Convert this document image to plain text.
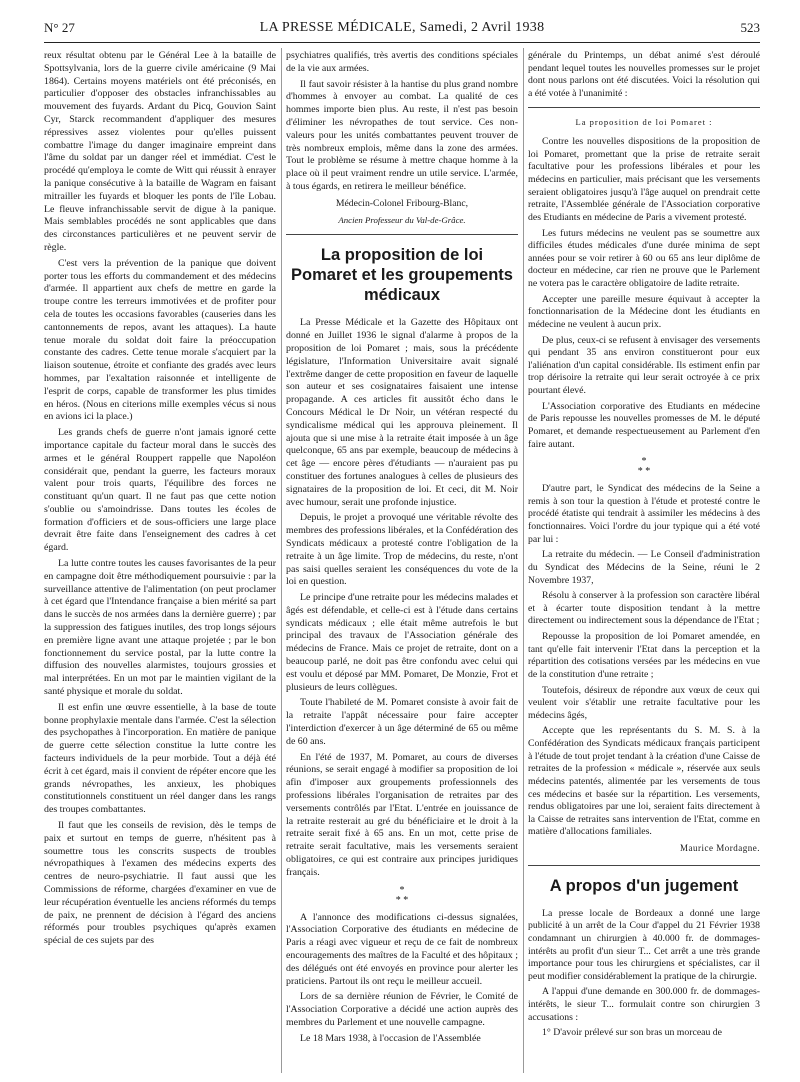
N° 27	LA PRESSE MÉDICALE, Samedi, 2 Avril 1938	523

reux résultat obtenu par le Général Lee à la bataille de Spottsylvania, lors de la guerre civile américaine (9 Mai 1864). Certains moyens matériels ont été préconisés, en particulier d'opposer des obstacles infranchissables au mouvement des fuyards. Ardant du Picq, Gouvion Saint Cyr, Starck recommandent d'appliquer des mesures répressives assez violentes pour qu'elles puissent combattre l'image du danger imaginaire empreint dans l'âme du soldat par un danger réel et immédiat. C'est le procédé qu'employa le comte de Witt qui réussit à enrayer la panique consécutive à la bataille de Wagram en faisant mitrailler les fuyards et bloquer les ponts de l'île Lobau. Le fleuve infranchissable servit de digue à la panique. Mais semblables procédés ne sont applicables que dans des circonstances particulières et ne peuvent servir de règle.

C'est vers la prévention de la panique que doivent porter tous les efforts du commandement et des médecins d'armée. Il appartient aux chefs de mettre en garde la troupe contre les terreurs immotivées et de profiter pour cela de toutes les occasions favorables (causeries dans les cantonnements de repos, avant les attaques). La haute tenue morale du soldat doit faire la préoccupation constante des cadres. Cette tenue morale s'acquiert par la liaison soutenue, étroite et confiante des gradés avec leurs hommes, par l'exaltation raisonnée et intelligente de l'esprit de corps, capable de transformer les plus timides en héros. (Nous en citerions mille exemples vécus si nous en avions ici la place.)

Les grands chefs de guerre n'ont jamais ignoré cette importance capitale du facteur moral dans le succès des armes et le général Rouppert rappelle que Napoléon considérait que, pendant la guerre, les facteurs moraux valent pour trois quarts, l'équilibre des forces ne constituant qu'un quart. Il ne faut pas que cette notion s'oublie ou s'amoindrisse. Dans toutes les écoles de formation d'officiers et de sous-officiers une large place devrait être faite dans l'enseignement des cadres à cet égard.

La lutte contre toutes les causes favorisantes de la peur en campagne doit être méthodiquement poursuivie : par la surveillance attentive de l'alimentation (on peut proclamer à cet égard que l'Intendance française a bien mérité sa part dans le succès de nos armées dans la dernière guerre) ; par la suppression des fatigues inutiles, des trop longs séjours en première ligne avant une attaque projetée ; par le bon fonctionnement du service postal, par la lutte contre la diffusion des nouvelles alarmistes, toujours grossies et mal interprétées. En un mot par le maintien vigilant de la santé physique et morale du soldat.

Il est enfin une œuvre essentielle, à la base de toute bonne prophylaxie mentale dans l'armée. C'est la sélection des psychopathes à l'incorporation. En matière de panique de guerre cette sélection constitue la lutte contre les facteurs individuels de la peur morbide. Tout a déjà été écrit à cet égard, mais il convient de répéter encore que les grands névropathes, les anxieux, les phobiques constitutionnels constituent un réel danger dans les rangs des troupes combattantes.

Il faut que les conseils de revision, dès le temps de paix et surtout en temps de guerre, n'hésitent pas à soumettre tous les conscrits suspects de troubles névropathiques à l'examen des médecins experts des centres de neuro-psychiatrie. Il faut aussi que les Commissions de réforme, chargées d'examiner en vue de leur récupération éventuelle les anciens réformés du temps de paix, ne prennent de décision à l'égard des anciens réformés pour troubles psychiques qu'après examen spécial de ces sujets par des

psychiatres qualifiés, très avertis des conditions spéciales de la vie aux armées.

Il faut savoir résister à la hantise du plus grand nombre d'hommes à envoyer au combat. La qualité de ces hommes importe bien plus. Au reste, il n'est pas besoin d'éliminer les névropathes de tout service. Ces non-valeurs pour les unités combattantes peuvent trouver de très nombreux emplois, même dans la zone des armées. Tout le problème se résume à mettre chaque homme à la place où il peut vraiment rendre un utile service. L'armée, à tous égards, en retirera le meilleur bénéfice.

Médecin-Colonel Fribourg-Blanc,

Ancien Professeur du Val-de-Grâce.

La proposition de loi Pomaret et les groupements médicaux

La Presse Médicale et la Gazette des Hôpitaux ont donné en Juillet 1936 le signal d'alarme à propos de la proposition de loi Pomaret ; mais, sous la précédente législature, l'Information Universitaire avait signalé l'extrême danger de cette proposition en faveur de laquelle son auteur et ses cosignataires faisaient une intense propagande. A ces articles fit aussitôt écho dans le Concours Médical le Dr Noir, un vétéran respecté du syndicalisme médical qui les approuva pleinement. Il ajouta que si une mise à la retraite était imposée à un âge quelconque, 65 ans par exemple, beaucoup de médecins à cet âge — encore pères d'étudiants — n'auraient pas pu constituer des fortunes analogues à celles de plusieurs des signataires de la proposition de loi. Et ceci, dit M. Noir avec humour, serait une profonde injustice.

Depuis, le projet a provoqué une véritable révolte des membres des professions libérales, et la Confédération des Syndicats médicaux a protesté contre l'obligation de la retraite à un âge limite. Trop de médecins, du reste, n'ont pas saisi quelles seraient les conséquences du vote de la loi en question.

Le principe d'une retraite pour les médecins malades et âgés est défendable, et celle-ci est à l'étude dans certains syndicats médicaux ; elle était même autrefois le but principal des travaux de l'Association générale des médecins de France. Mais ce projet de retraite, dont on a beaucoup parlé, ne doit pas être confondu avec celui qui est voulu et déposé par MM. Pomaret, De Monzie, Frot et plusieurs de leurs collègues.

Toute l'habileté de M. Pomaret consiste à avoir fait de la retraite l'appât nécessaire pour faire accepter l'interdiction d'exercer à un âge déterminé de 65 ou même de 60 ans.

En l'été de 1937, M. Pomaret, au cours de diverses réunions, se serait engagé à modifier sa proposition de loi afin d'imposer aux groupements professionnels des professions libérales l'organisation de retraites par des versements contrôlés par l'Etat. L'entrée en jouissance de la retraite resterait au gré du bénéficiaire et le droit à la retraite serait fixé à 65 ans. En un mot, cette prise de retraite serait facultative, mais les versements seraient obligatoires, ce qui est contraire aux principes juridiques français.

*
* *

A l'annonce des modifications ci-dessus signalées, l'Association Corporative des étudiants en médecine de Paris a réagi avec vigueur et reçu de ce fait de nombreux encouragements des maîtres de la Faculté et des hôpitaux ; des délégués ont été envoyés en province pour alerter les praticiens. Partout ils ont reçu le meilleur accueil.

Lors de sa dernière réunion de Février, le Comité de l'Association Corporative a décidé une action auprès des membres du Parlement et une nouvelle campagne.

Le 18 Mars 1938, à l'occasion de l'Assemblée

générale du Printemps, un débat animé s'est déroulé pendant lequel toutes les nouvelles promesses sur le projet dont nous parlons ont été discutées. Voici la résolution qui a été votée à l'unanimité :

La proposition de loi Pomaret :

Contre les nouvelles dispositions de la proposition de loi Pomaret, promettant que la prise de retraite serait facultative pour les professions libérales et pour les médecins en particulier, mais précisant que les versements seraient obligatoires jusqu'à l'âge auquel on prendrait cette retraite, l'Assemblée générale de l'Association corporative des Etudiants en médecine de Paris a vivement protesté.

Les futurs médecins ne veulent pas se soumettre aux difficiles études médicales d'une durée minima de sept années pour se voir retirer à 60 ou 65 ans leur diplôme de docteur en médecine, car rien ne prouve que le Parlement ne votera pas le caractère obligatoire de ladite retraite.

Accepter une pareille mesure équivaut à accepter la fonctionnarisation de la Médecine dont les étudiants en médecine ne veulent à aucun prix.

De plus, ceux-ci se refusent à envisager des versements qui pendant 35 ans environ constitueront pour eux l'aliénation d'un capital considérable. Ils estiment enfin par trop dérisoire la retraite qui leur serait octroyée à ce prix pourtant élevé.

L'Association corporative des Etudiants en médecine de Paris repousse les nouvelles promesses de M. le député Pomaret, et demande respectueusement au Parlement d'en faire autant.

*
* *

D'autre part, le Syndicat des médecins de la Seine a remis à son tour la question à l'étude et protesté contre le procédé étatiste qui tendrait à assimiler les médecins à des fonctionnaires. Voici l'ordre du jour typique qui a été voté par lui :

La retraite du médecin. — Le Conseil d'administration du Syndicat des Médecins de la Seine, réuni le 2 Novembre 1937,

Résolu à conserver à la profession son caractère libéral et à écarter toute disposition tendant à la mettre directement ou indirectement sous la dépendance de l'Etat ;

Repousse la proposition de loi Pomaret amendée, en tant qu'elle fait intervenir l'Etat dans la perception et la répartition des cotisations versées par les médecins en vue de la constitution d'une retraite ;

Toutefois, désireux de répondre aux vœux de ceux qui veulent voir s'établir une retraite facultative pour les médecins âgés,

Accepte que les représentants du S. M. S. à la Confédération des Syndicats médicaux français participent à l'étude de tout projet tendant à la création d'une Caisse de retraites de la profession « médicale », réservée aux seuls médecins patentés, alimentée par les versements de tous ces médecins et basée sur la répartition. Les versements, rendus obligatoires par une loi, seraient faits directement à la Caisse de retraites sans intervention de l'Etat, comme en matière d'allocations familiales.

Maurice Mordagne.

A propos d'un jugement

La presse locale de Bordeaux a donné une large publicité à un arrêt de la Cour d'appel du 21 Février 1938 condamnant un chirurgien à 40.000 fr. de dommages-intérêts au profit d'un sieur T... Cet arrêt a une très grande importance pour tous les chirurgiens et spécialistes, car il peut modifier considérablement la pratique de la chirurgie.

A l'appui d'une demande en 300.000 fr. de dommages-intérêts, le sieur T... formulait contre son chirurgien 3 accusations :

1° D'avoir prélevé sur son bras un morceau de
